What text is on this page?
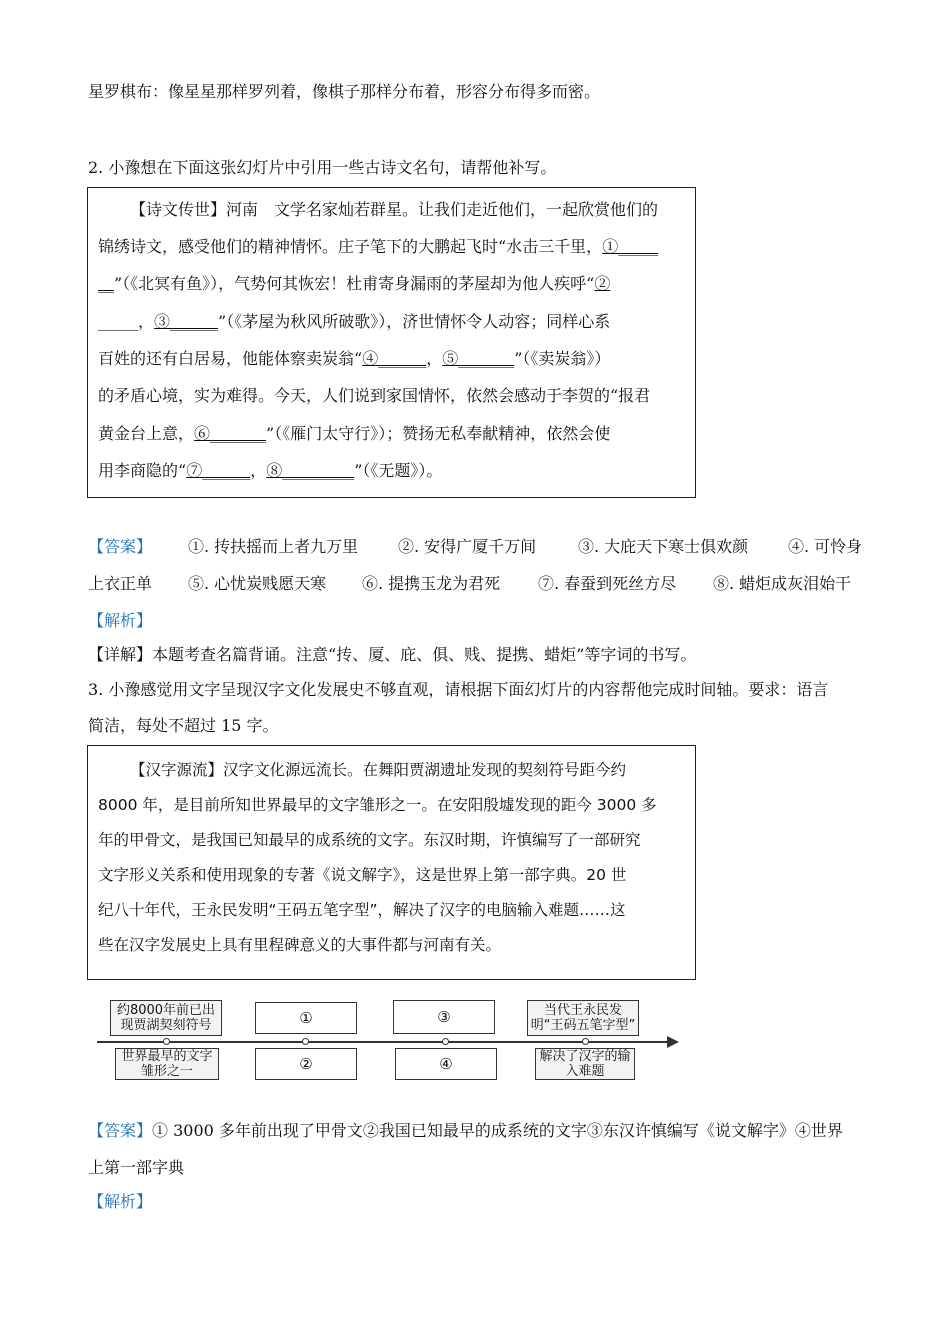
星罗棋布：像星星那样罗列着，像棋子那样分布着，形容分布得多而密。
2. 小豫想在下面这张幻灯片中引用一些古诗文名句，请帮他补写。
【诗文传世】河南　文学名家灿若群星。让我们走近他们，一起欣赏他们的
锦绣诗文，感受他们的精神情怀。庄子笔下的大鹏起飞时“水击三千里，①_____
__”（《北冥有鱼》），气势何其恢宏！杜甫寄身漏雨的茅屋却为他人疾呼“②
_____，③______”（《茅屋为秋风所破歌》），济世情怀令人动容；同样心系
百姓的还有白居易，他能体察卖炭翁“④______，⑤_______”（《卖炭翁》）
的矛盾心境，实为难得。今天，人们说到家国情怀，依然会感动于李贺的“报君
黄金台上意，⑥_______”（《雁门太守行》）；赞扬无私奉献精神，依然会使
用李商隐的“⑦______，⑧_________”（《无题》）。
【答案】 ①. 抟扶摇而上者九万里 ②. 安得广厦千万间	③. 大庇天下寒士俱欢颜 ④. 可怜身
上衣正单 ⑤. 心忧炭贱愿天寒 ⑥. 提携玉龙为君死 ⑦. 春蚕到死丝方尽 ⑧. 蜡炬成灰泪始干
【解析】
【详解】本题考查名篇背诵。注意“抟、厦、庇、俱、贱、提携、蜡炬”等字词的书写。
3. 小豫感觉用文字呈现汉字文化发展史不够直观，请根据下面幻灯片的内容帮他完成时间轴。要求：语言
简洁，每处不超过 15 字。
【汉字源流】汉字文化源远流长。在舞阳贾湖遗址发现的契刻符号距今约
8000 年，是目前所知世界最早的文字雏形之一。在安阳殷墟发现的距今 3000 多
年的甲骨文，是我国已知最早的成系统的文字。东汉时期，许慎编写了一部研究
文字形义关系和使用现象的专著《说文解字》，这是世界上第一部字典。20 世
纪八十年代，王永民发明“王码五笔字型”，解决了汉字的电脑输入难题……这
些在汉字发展史上具有里程碑意义的大事件都与河南有关。
约8000年前已出现贾湖契刻符号	①	③	当代王永民发明“王码五笔字型”
世界最早的文字雏形之一	②	④	解决了汉字的输入难题
【答案】① 3000 多年前出现了甲骨文②我国已知最早的成系统的文字③东汉许慎编写《说文解字》④世界
上第一部字典
【解析】
